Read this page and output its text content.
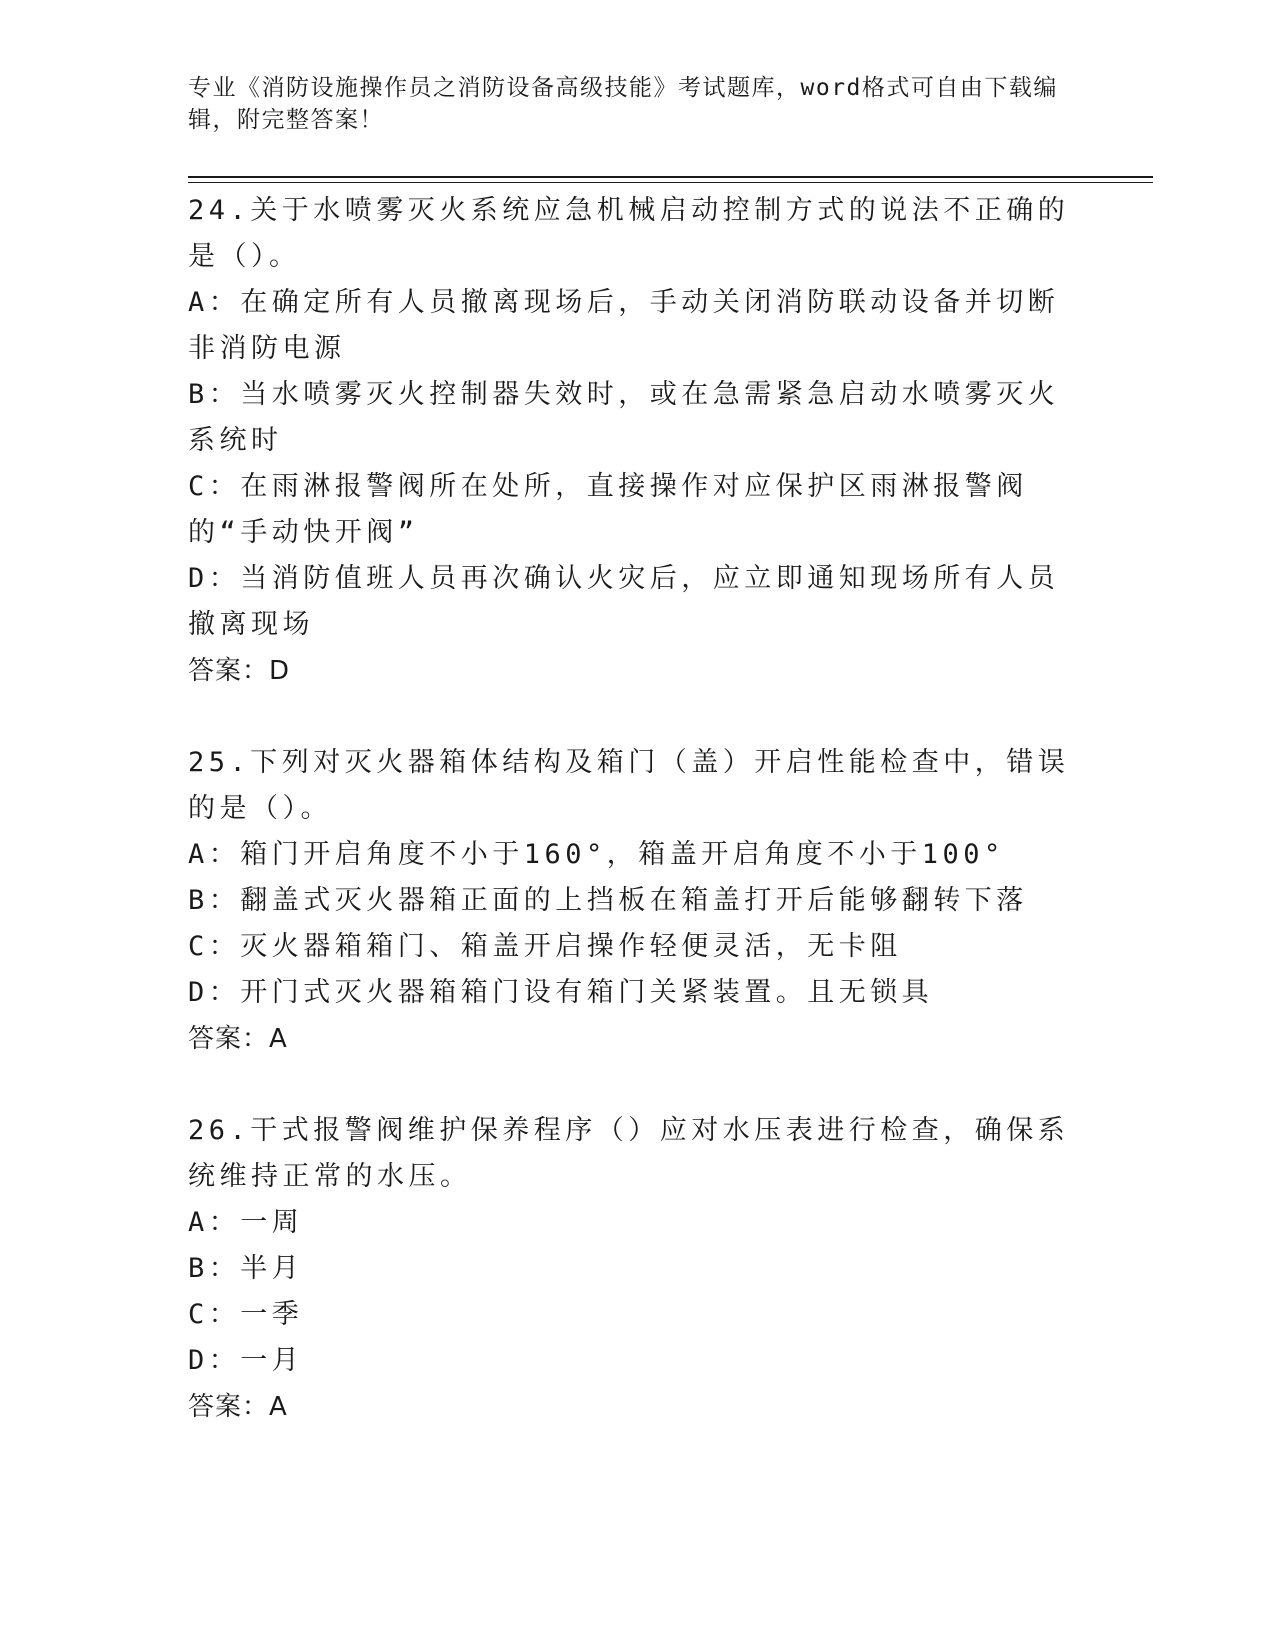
专业《消防设施操作员之消防设备高级技能》考试题库，word格式可自由下载编辑，附完整答案！

24.关于水喷雾灭火系统应急机械启动控制方式的说法不正确的是（）。

A：在确定所有人员撤离现场后，手动关闭消防联动设备并切断非消防电源

B：当水喷雾灭火控制器失效时，或在急需紧急启动水喷雾灭火系统时

C：在雨淋报警阀所在处所，直接操作对应保护区雨淋报警阀的“手动快开阀”

D：当消防值班人员再次确认火灾后，应立即通知现场所有人员撤离现场

答案：D

25.下列对灭火器箱体结构及箱门（盖）开启性能检查中，错误的是（）。

A：箱门开启角度不小于160°，箱盖开启角度不小于100°

B：翻盖式灭火器箱正面的上挡板在箱盖打开后能够翻转下落

C：灭火器箱箱门、箱盖开启操作轻便灵活，无卡阻

D：开门式灭火器箱箱门设有箱门关紧装置。且无锁具

答案：A

26.干式报警阀维护保养程序（）应对水压表进行检查，确保系统维持正常的水压。

A：一周

B：半月

C：一季

D：一月

答案：A
